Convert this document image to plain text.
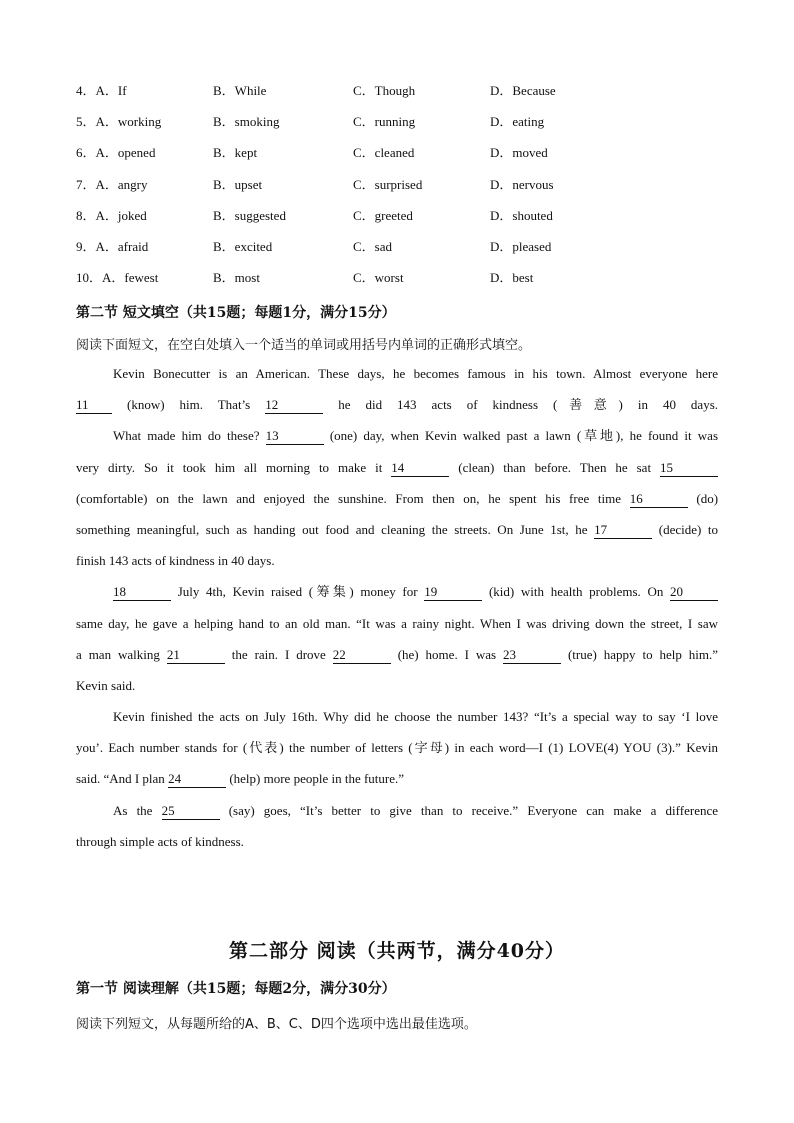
4．A．If	B．While	C．Though	D．Because
5．A．working	B．smoking	C．running	D．eating
6．A．opened	B．kept	C．cleaned	D．moved
7．A．angry	B．upset	C．surprised	D．nervous
8．A．joked	B．suggested	C．greeted	D．shouted
9．A．afraid	B．excited	C．sad	D．pleased
10．A．fewest	B．most	C．worst	D．best
第二节 短文填空（共15题；每题1分，满分15分）
阅读下面短文，在空白处填入一个适当的单词或用括号内单词的正确形式填空。
Kevin Bonecutter is an American. These days, he becomes famous in his town. Almost everyone here
11	(know) him. That’s 12	he did 143 acts of kindness (善意) in 40 days.
What made him do these? 13	(one) day, when Kevin walked past a lawn (草地), he found it was
very dirty. So it took him all morning to make it 14	(clean) than before. Then he sat 15
(comfortable) on the lawn and enjoyed the sunshine. From then on, he spent his free time 16	(do)
something meaningful, such as handing out food and cleaning the streets. On June 1st, he 17	(decide) to
finish 143 acts of kindness in 40 days.
18	July 4th, Kevin raised (筹集) money for 19	(kid) with health problems. On 20
same day, he gave a helping hand to an old man. “It was a rainy night. When I was driving down the street, I saw
a man walking 21	the rain. I drove 22	(he) home. I was 23	(true) happy to help him.”
Kevin said.
Kevin finished the acts on July 16th. Why did he choose the number 143? “It’s a special way to say ‘I love
you’. Each number stands for (代表) the number of letters (字母) in each word—I (1) LOVE(4) YOU (3).” Kevin
said. “And I plan 24	(help) more people in the future.”
As the 25	(say) goes, “It’s better to give than to receive.” Everyone can make a difference
through simple acts of kindness.
第二部分 阅读（共两节，满分40分）
第一节 阅读理解（共15题；每题2分，满分30分）
阅读下列短文，从每题所给的A、B、C、D四个选项中选出最佳选项。
